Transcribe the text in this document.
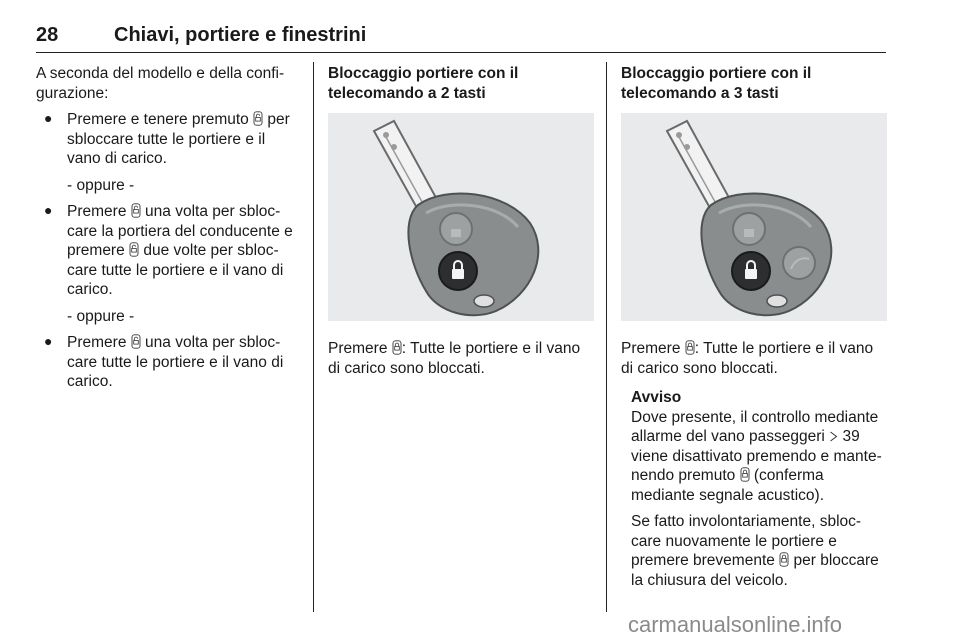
28	Chiavi, portiere e finestrini

A seconda del modello e della confi-gurazione:

● Premere e tenere premuto
per sbloccare tutte le portiere e il vano di carico.

- oppure -

● Premere
una volta per sbloc-care la portiera del conducente e premere
due volte per sbloc-care tutte le portiere e il vano di carico.

- oppure -

● Premere
una volta per sbloc-care tutte le portiere e il vano di carico.

Bloccaggio portiere con il telecomando a 2 tasti

Premere
: Tutte le portiere e il vano di carico sono bloccati.

Bloccaggio portiere con il telecomando a 3 tasti

Premere
: Tutte le portiere e il vano di carico sono bloccati.

Avviso

Dove presente, il controllo mediante allarme del vano passeggeri
39 viene disattivato premendo e mante-nendo premuto
(conferma mediante segnale acustico).

Se fatto involontariamente, sbloc-care nuovamente le portiere e premere brevemente
per bloccare la chiusura del veicolo.

carmanualsonline.info
